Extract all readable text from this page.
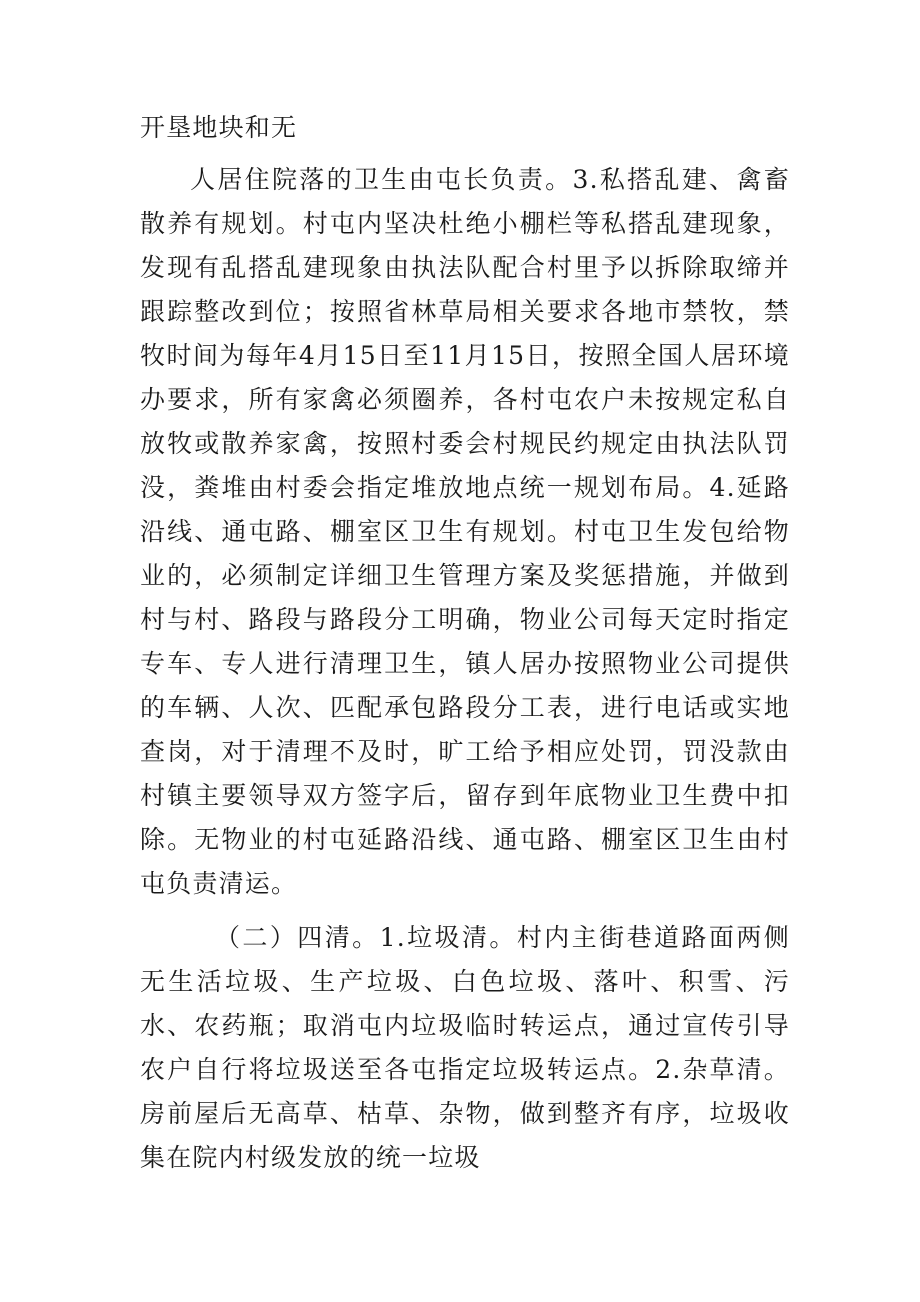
开垦地块和无

人居住院落的卫生由屯长负责。3.私搭乱建、禽畜散养有规划。村屯内坚决杜绝小棚栏等私搭乱建现象，发现有乱搭乱建现象由执法队配合村里予以拆除取缔并跟踪整改到位；按照省林草局相关要求各地市禁牧，禁牧时间为每年4月15日至11月15日，按照全国人居环境办要求，所有家禽必须圈养，各村屯农户未按规定私自放牧或散养家禽，按照村委会村规民约规定由执法队罚没，粪堆由村委会指定堆放地点统一规划布局。4.延路沿线、通屯路、棚室区卫生有规划。村屯卫生发包给物业的，必须制定详细卫生管理方案及奖惩措施，并做到村与村、路段与路段分工明确，物业公司每天定时指定专车、专人进行清理卫生，镇人居办按照物业公司提供的车辆、人次、匹配承包路段分工表，进行电话或实地查岗，对于清理不及时，旷工给予相应处罚，罚没款由村镇主要领导双方签字后，留存到年底物业卫生费中扣除。无物业的村屯延路沿线、通屯路、棚室区卫生由村屯负责清运。

（二）四清。1.垃圾清。村内主街巷道路面两侧无生活垃圾、生产垃圾、白色垃圾、落叶、积雪、污水、农药瓶；取消屯内垃圾临时转运点，通过宣传引导农户自行将垃圾送至各屯指定垃圾转运点。2.杂草清。房前屋后无高草、枯草、杂物，做到整齐有序，垃圾收集在院内村级发放的统一垃圾
